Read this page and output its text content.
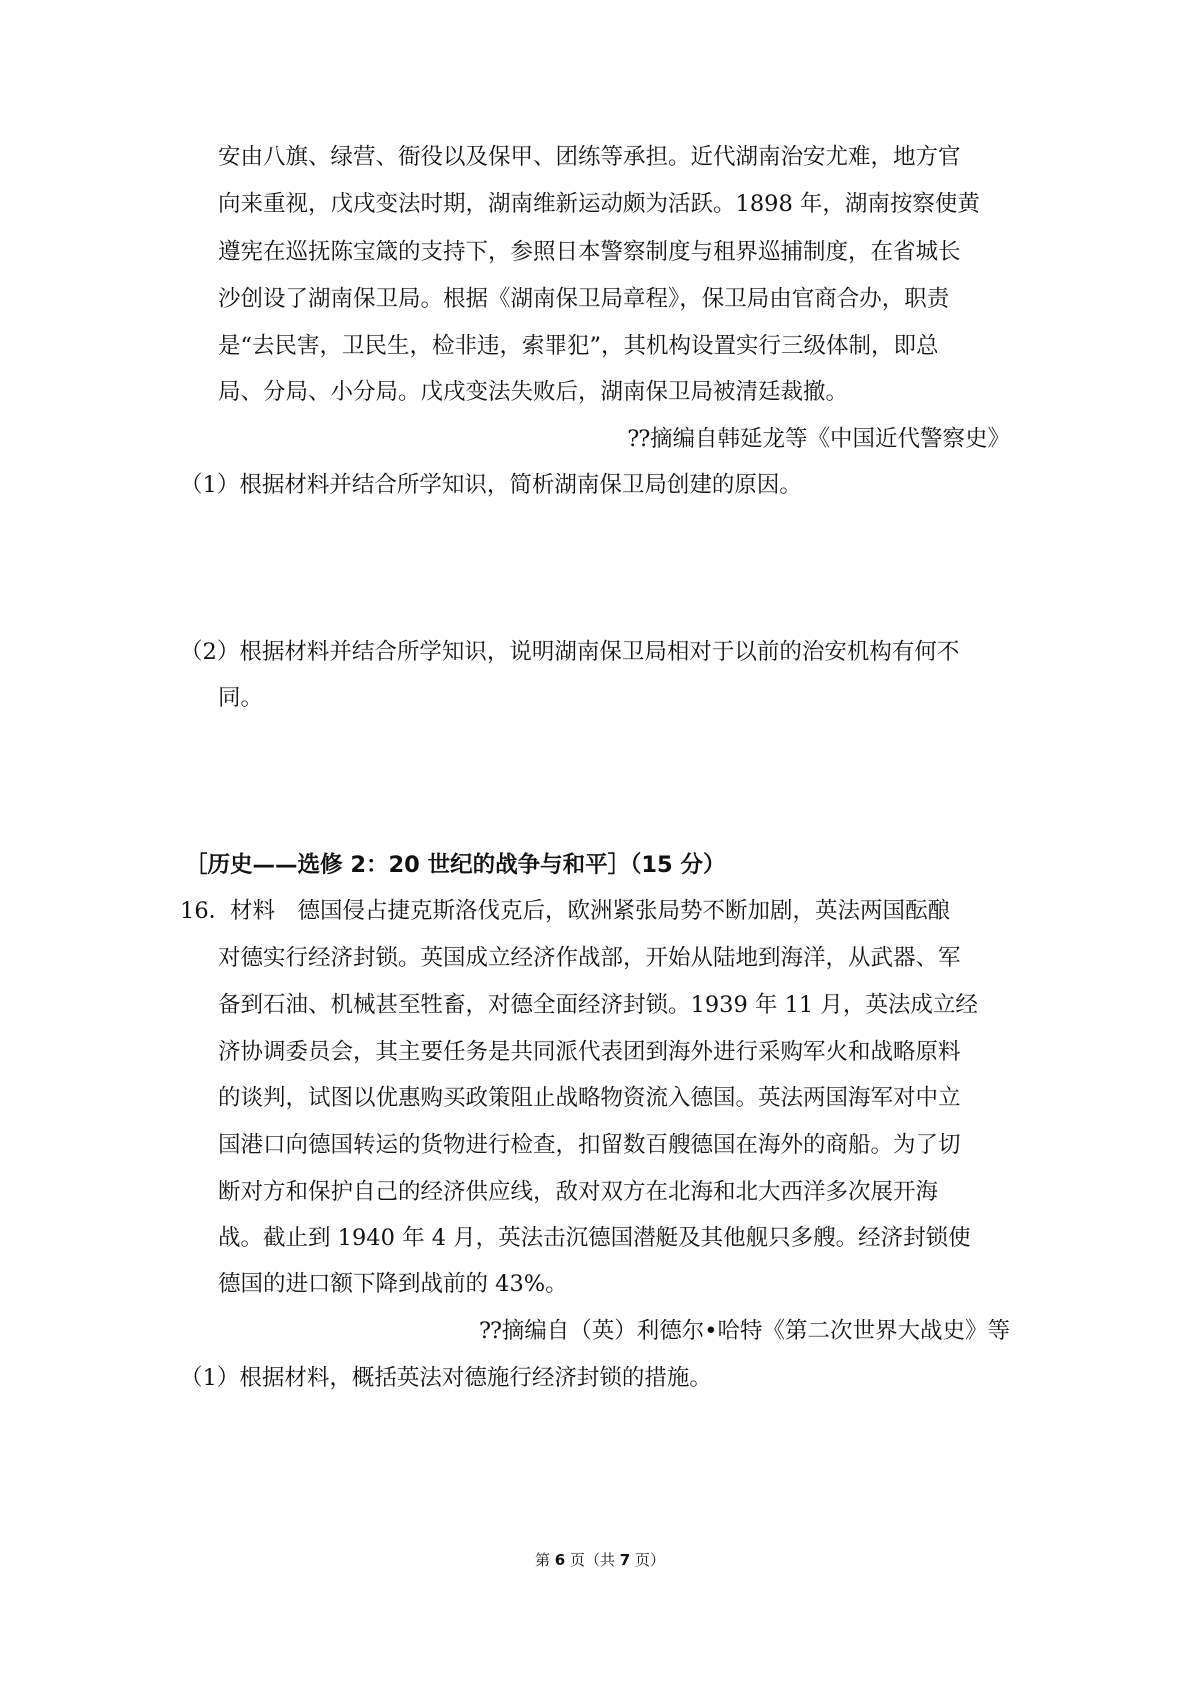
安由八旗、绿营、衙役以及保甲、团练等承担。近代湖南治安尤难，地方官
向来重视，戊戌变法时期，湖南维新运动颇为活跃。1898 年，湖南按察使黄
遵宪在巡抚陈宝箴的支持下，参照日本警察制度与租界巡捕制度，在省城长
沙创设了湖南保卫局。根据《湖南保卫局章程》，保卫局由官商合办，职责
是“去民害，卫民生，检非违，索罪犯”，其机构设置实行三级体制，即总
局、分局、小分局。戊戌变法失败后，湖南保卫局被清廷裁撤。
⁇摘编自韩延龙等《中国近代警察史》
（1）根据材料并结合所学知识，简析湖南保卫局创建的原因。
（2）根据材料并结合所学知识，说明湖南保卫局相对于以前的治安机构有何不
同。
［历史——选修 2：20 世纪的战争与和平］（15 分）
16．
材料　德国侵占捷克斯洛伐克后，欧洲紧张局势不断加剧，英法两国酝酿
对德实行经济封锁。英国成立经济作战部，开始从陆地到海洋，从武器、军
备到石油、机械甚至牲畜，对德全面经济封锁。1939 年 11 月，英法成立经
济协调委员会，其主要任务是共同派代表团到海外进行采购军火和战略原料
的谈判，试图以优惠购买政策阻止战略物资流入德国。英法两国海军对中立
国港口向德国转运的货物进行检查，扣留数百艘德国在海外的商船。为了切
断对方和保护自己的经济供应线，敌对双方在北海和北大西洋多次展开海
战。截止到 1940 年 4 月，英法击沉德国潜艇及其他舰只多艘。经济封锁使
德国的进口额下降到战前的 43%。
⁇摘编自（英）利德尔•哈特《第二次世界大战史》等
（1）根据材料，概括英法对德施行经济封锁的措施。
第 6 页（共 7 页）
